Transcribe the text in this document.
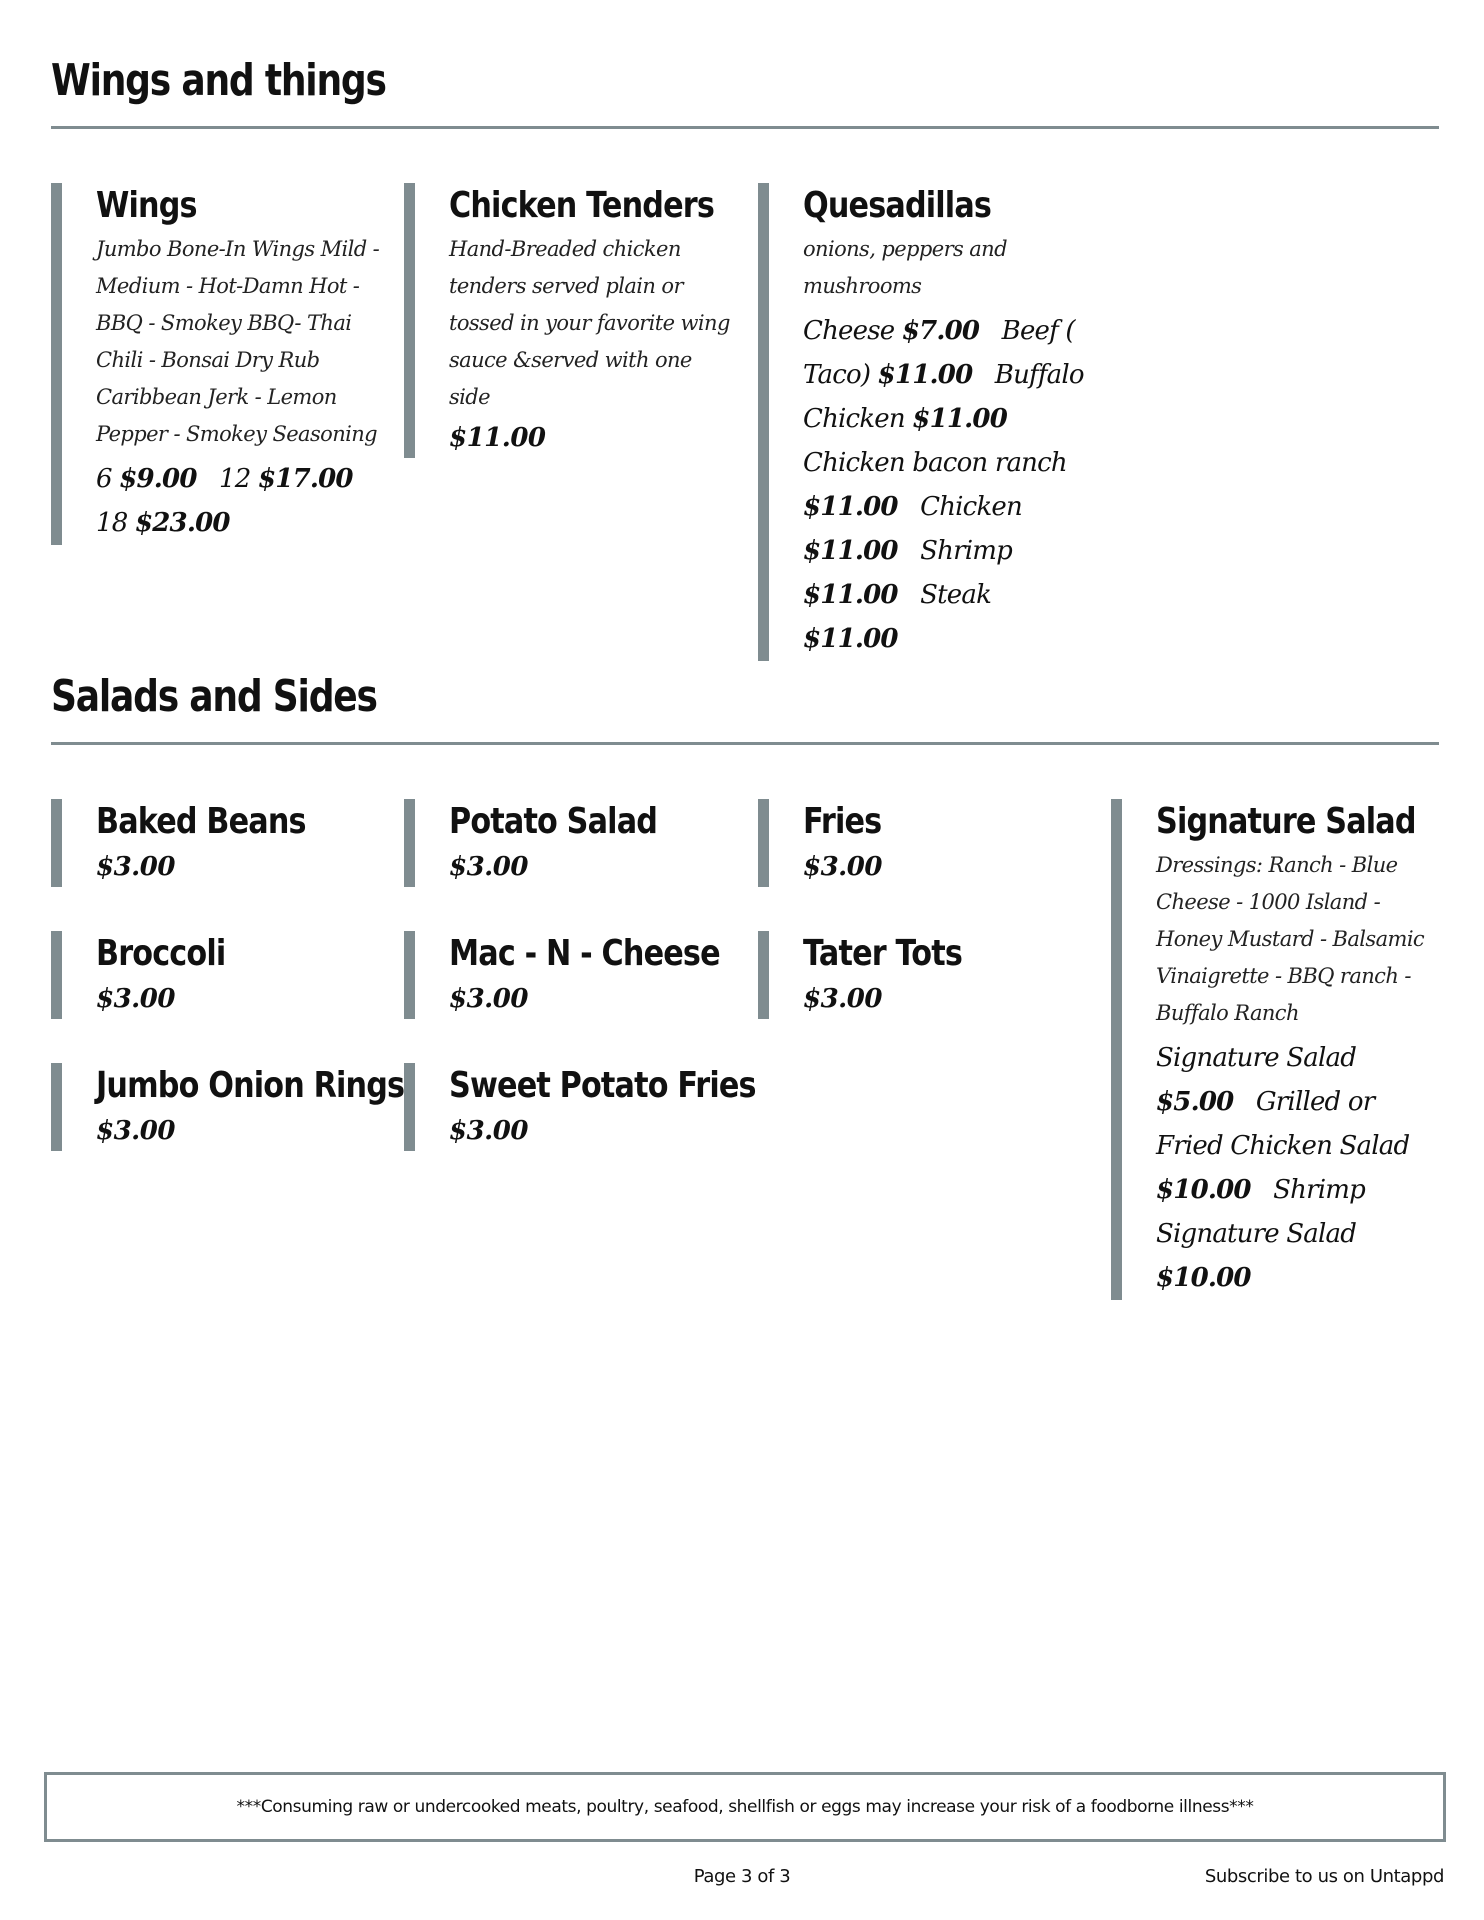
Wings and things
Wings
Jumbo Bone-In Wings Mild - Medium - Hot-Damn Hot - BBQ - Smokey BBQ- Thai Chili - Bonsai Dry Rub Caribbean Jerk - Lemon Pepper - Smokey Seasoning
6 $9.00 12 $17.00   18 $23.00
Chicken Tenders
Hand-Breaded chicken tenders served plain or tossed in your favorite wing sauce &served with one side
$11.00
Quesadillas
onions, peppers and mushrooms
Cheese $7.00 Beef ( Taco) $11.00 Buffalo Chicken $11.00   Chicken bacon ranch $11.00 Chicken $11.00 Shrimp $11.00 Steak $11.00
Salads and Sides
Baked Beans
$3.00
Broccoli
$3.00
Jumbo Onion Rings
$3.00
Potato Salad
$3.00
Mac - N - Cheese
$3.00
Sweet Potato Fries
$3.00
Fries
$3.00
Tater Tots
$3.00
Signature Salad
Dressings: Ranch - Blue Cheese - 1000 Island - Honey Mustard - Balsamic Vinaigrette - BBQ ranch - Buffalo Ranch
Signature Salad $5.00 Grilled or Fried Chicken Salad $10.00 Shrimp Signature Salad $10.00
***Consuming raw or undercooked meats, poultry, seafood, shellfish or eggs may increase your risk of a foodborne illness***
Page 3 of 3	Subscribe to us on Untappd
